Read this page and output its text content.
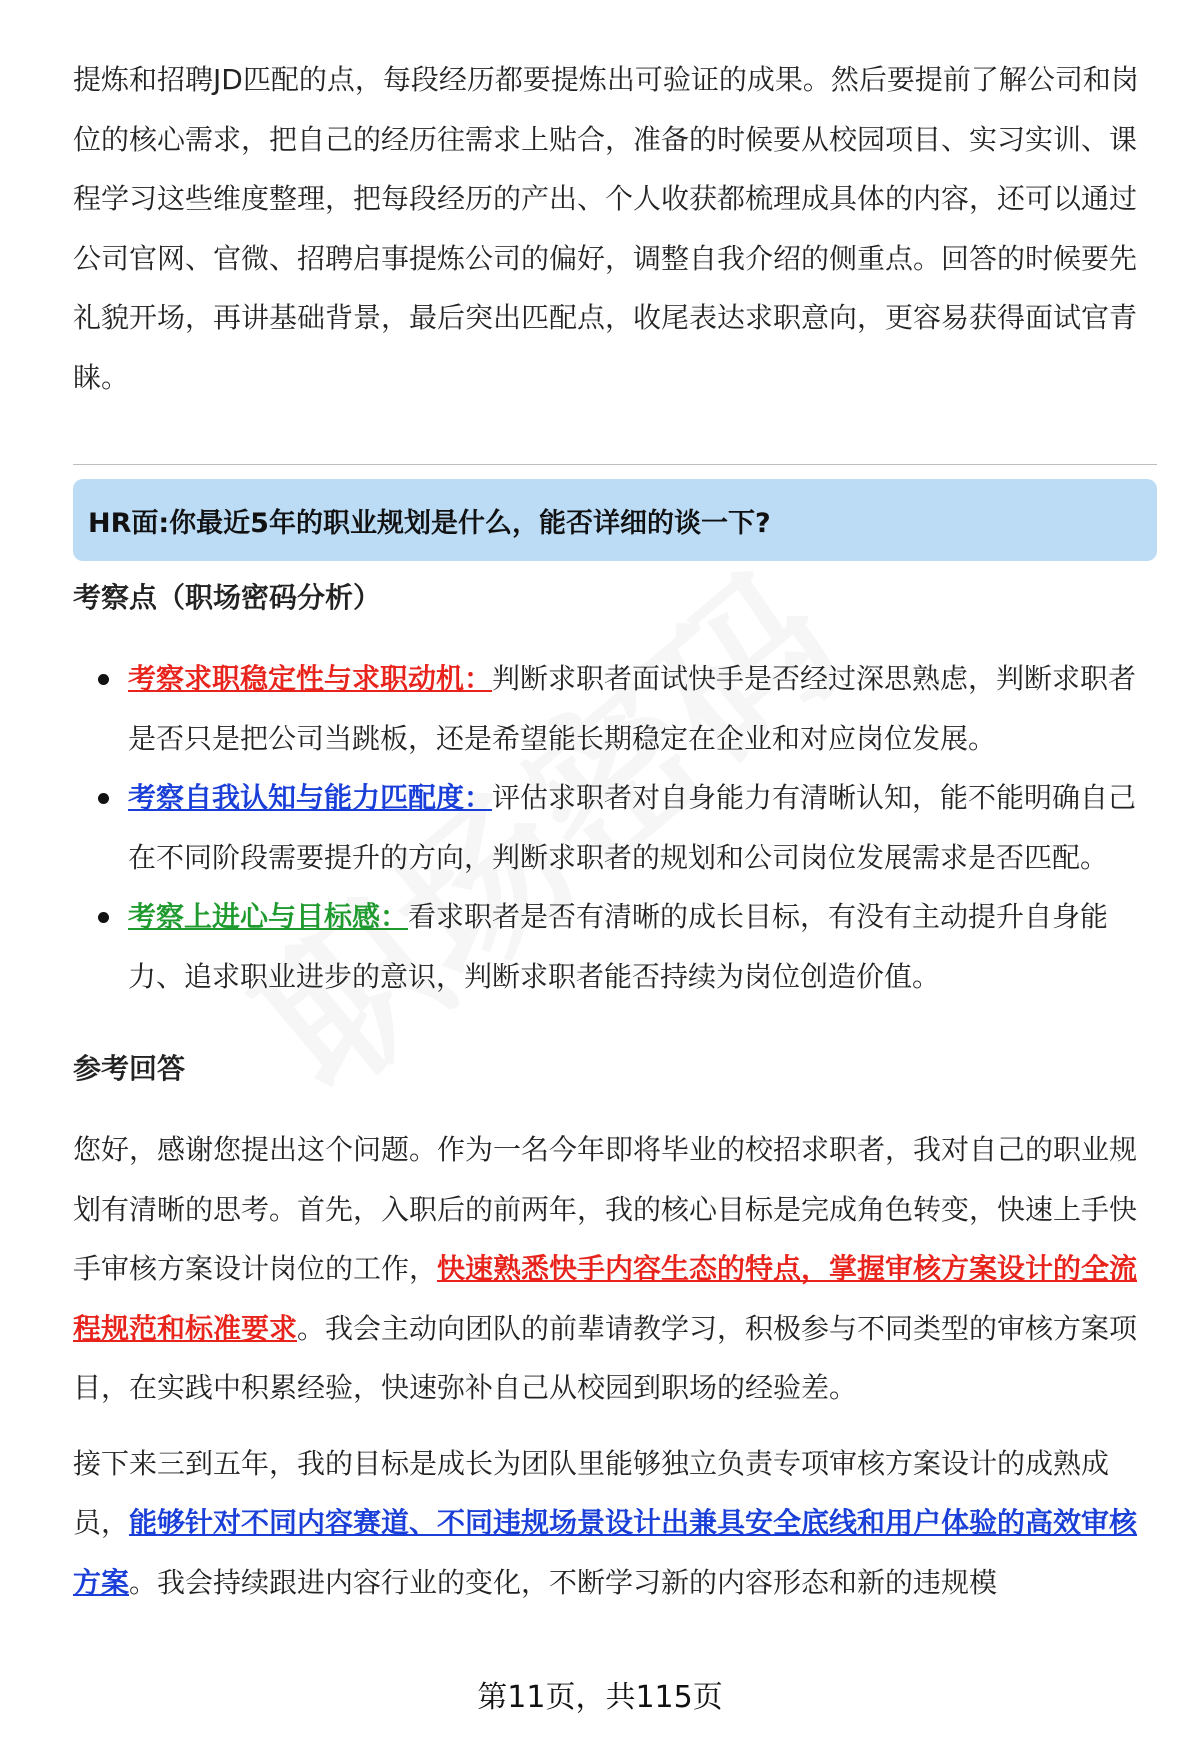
提炼和招聘JD匹配的点，每段经历都要提炼出可验证的成果。然后要提前了解公司和岗位的核心需求，把自己的经历往需求上贴合，准备的时候要从校园项目、实习实训、课程学习这些维度整理，把每段经历的产出、个人收获都梳理成具体的内容，还可以通过公司官网、官微、招聘启事提炼公司的偏好，调整自我介绍的侧重点。回答的时候要先礼貌开场，再讲基础背景，最后突出匹配点，收尾表达求职意向，更容易获得面试官青睐。

HR面:你最近5年的职业规划是什么，能否详细的谈一下?
考察点（职场密码分析）
考察求职稳定性与求职动机：判断求职者面试快手是否经过深思熟虑，判断求职者是否只是把公司当跳板，还是希望能长期稳定在企业和对应岗位发展。
考察自我认知与能力匹配度：评估求职者对自身能力有清晰认知，能不能明确自己在不同阶段需要提升的方向，判断求职者的规划和公司岗位发展需求是否匹配。
考察上进心与目标感：看求职者是否有清晰的成长目标，有没有主动提升自身能力、追求职业进步的意识，判断求职者能否持续为岗位创造价值。
参考回答

您好，感谢您提出这个问题。作为一名今年即将毕业的校招求职者，我对自己的职业规划有清晰的思考。首先，入职后的前两年，我的核心目标是完成角色转变，快速上手快手审核方案设计岗位的工作，快速熟悉快手内容生态的特点，掌握审核方案设计的全流程规范和标准要求。我会主动向团队的前辈请教学习，积极参与不同类型的审核方案项目，在实践中积累经验，快速弥补自己从校园到职场的经验差。

接下来三到五年，我的目标是成长为团队里能够独立负责专项审核方案设计的成熟成员，能够针对不同内容赛道、不同违规场景设计出兼具安全底线和用户体验的高效审核方案。我会持续跟进内容行业的变化，不断学习新的内容形态和新的违规模

第11页，共115页
